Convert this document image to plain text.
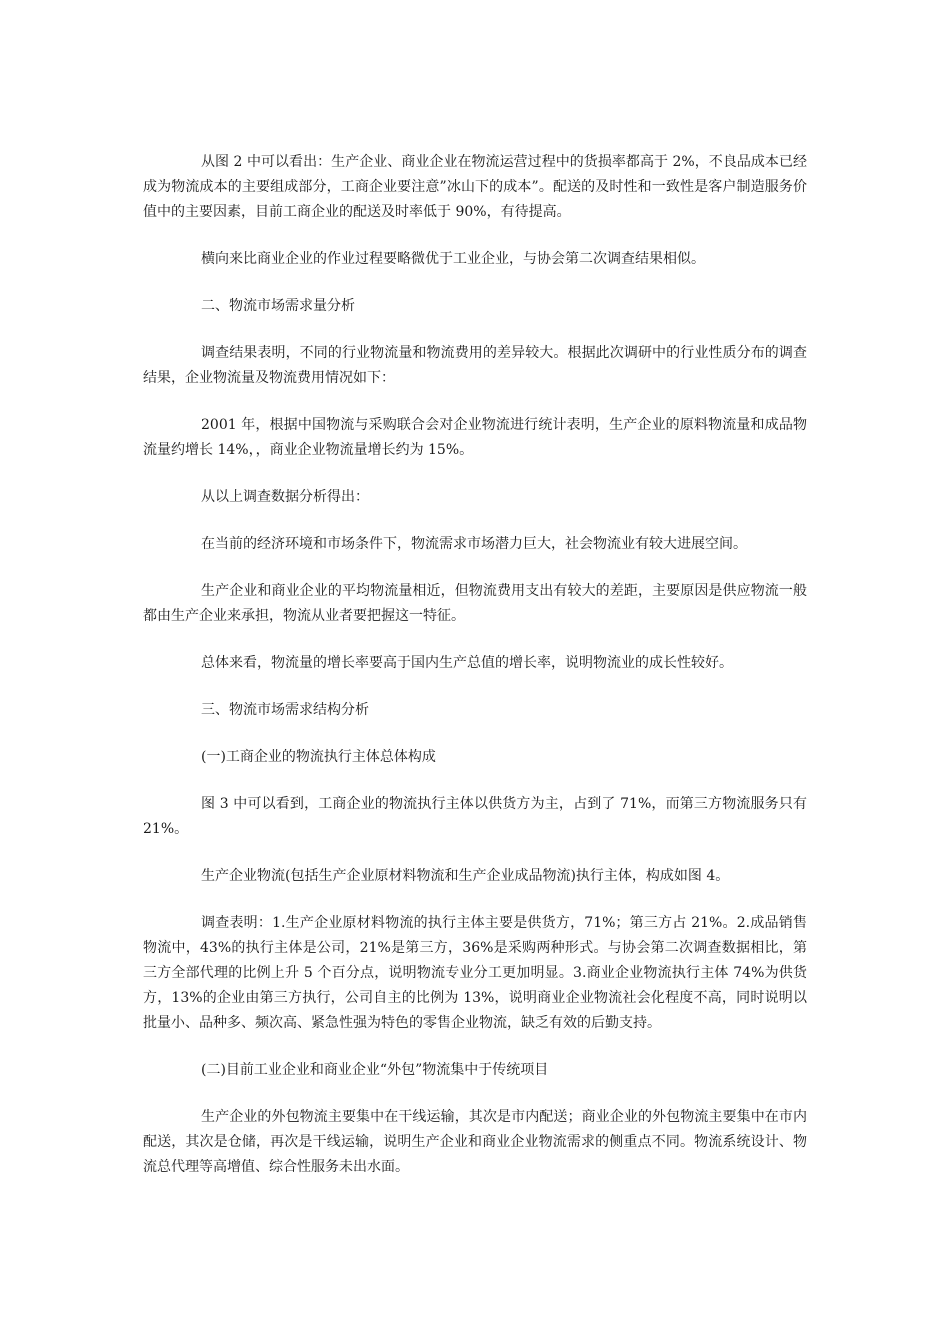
从图 2 中可以看出：生产企业、商业企业在物流运营过程中的货损率都高于 2%，不良品成本已经成为物流成本的主要组成部分，工商企业要注意”冰山下的成本”。配送的及时性和一致性是客户制造服务价值中的主要因素，目前工商企业的配送及时率低于 90%，有待提高。

横向来比商业企业的作业过程要略微优于工业企业，与协会第二次调查结果相似。

二、物流市场需求量分析

调查结果表明，不同的行业物流量和物流费用的差异较大。根据此次调研中的行业性质分布的调查结果，企业物流量及物流费用情况如下：

2001 年，根据中国物流与采购联合会对企业物流进行统计表明，生产企业的原料物流量和成品物流量约增长 14%，，商业企业物流量增长约为 15%。

从以上调查数据分析得出：

在当前的经济环境和市场条件下，物流需求市场潜力巨大，社会物流业有较大进展空间。

生产企业和商业企业的平均物流量相近，但物流费用支出有较大的差距，主要原因是供应物流一般都由生产企业来承担，物流从业者要把握这一特征。

总体来看，物流量的增长率要高于国内生产总值的增长率，说明物流业的成长性较好。

三、物流市场需求结构分析

(一)工商企业的物流执行主体总体构成

图 3 中可以看到，工商企业的物流执行主体以供货方为主，占到了 71%，而第三方物流服务只有 21%。

生产企业物流(包括生产企业原材料物流和生产企业成品物流)执行主体，构成如图 4。

调查表明：1.生产企业原材料物流的执行主体主要是供货方，71%；第三方占 21%。2.成品销售物流中，43%的执行主体是公司，21%是第三方，36%是采购两种形式。与协会第二次调查数据相比，第三方全部代理的比例上升 5 个百分点，说明物流专业分工更加明显。3.商业企业物流执行主体 74%为供货方，13%的企业由第三方执行，公司自主的比例为 13%，说明商业企业物流社会化程度不高，同时说明以批量小、品种多、频次高、紧急性强为特色的零售企业物流，缺乏有效的后勤支持。

(二)目前工业企业和商业企业“外包”物流集中于传统项目

生产企业的外包物流主要集中在干线运输，其次是市内配送；商业企业的外包物流主要集中在市内配送，其次是仓储，再次是干线运输，说明生产企业和商业企业物流需求的侧重点不同。物流系统设计、物流总代理等高增值、综合性服务未出水面。
